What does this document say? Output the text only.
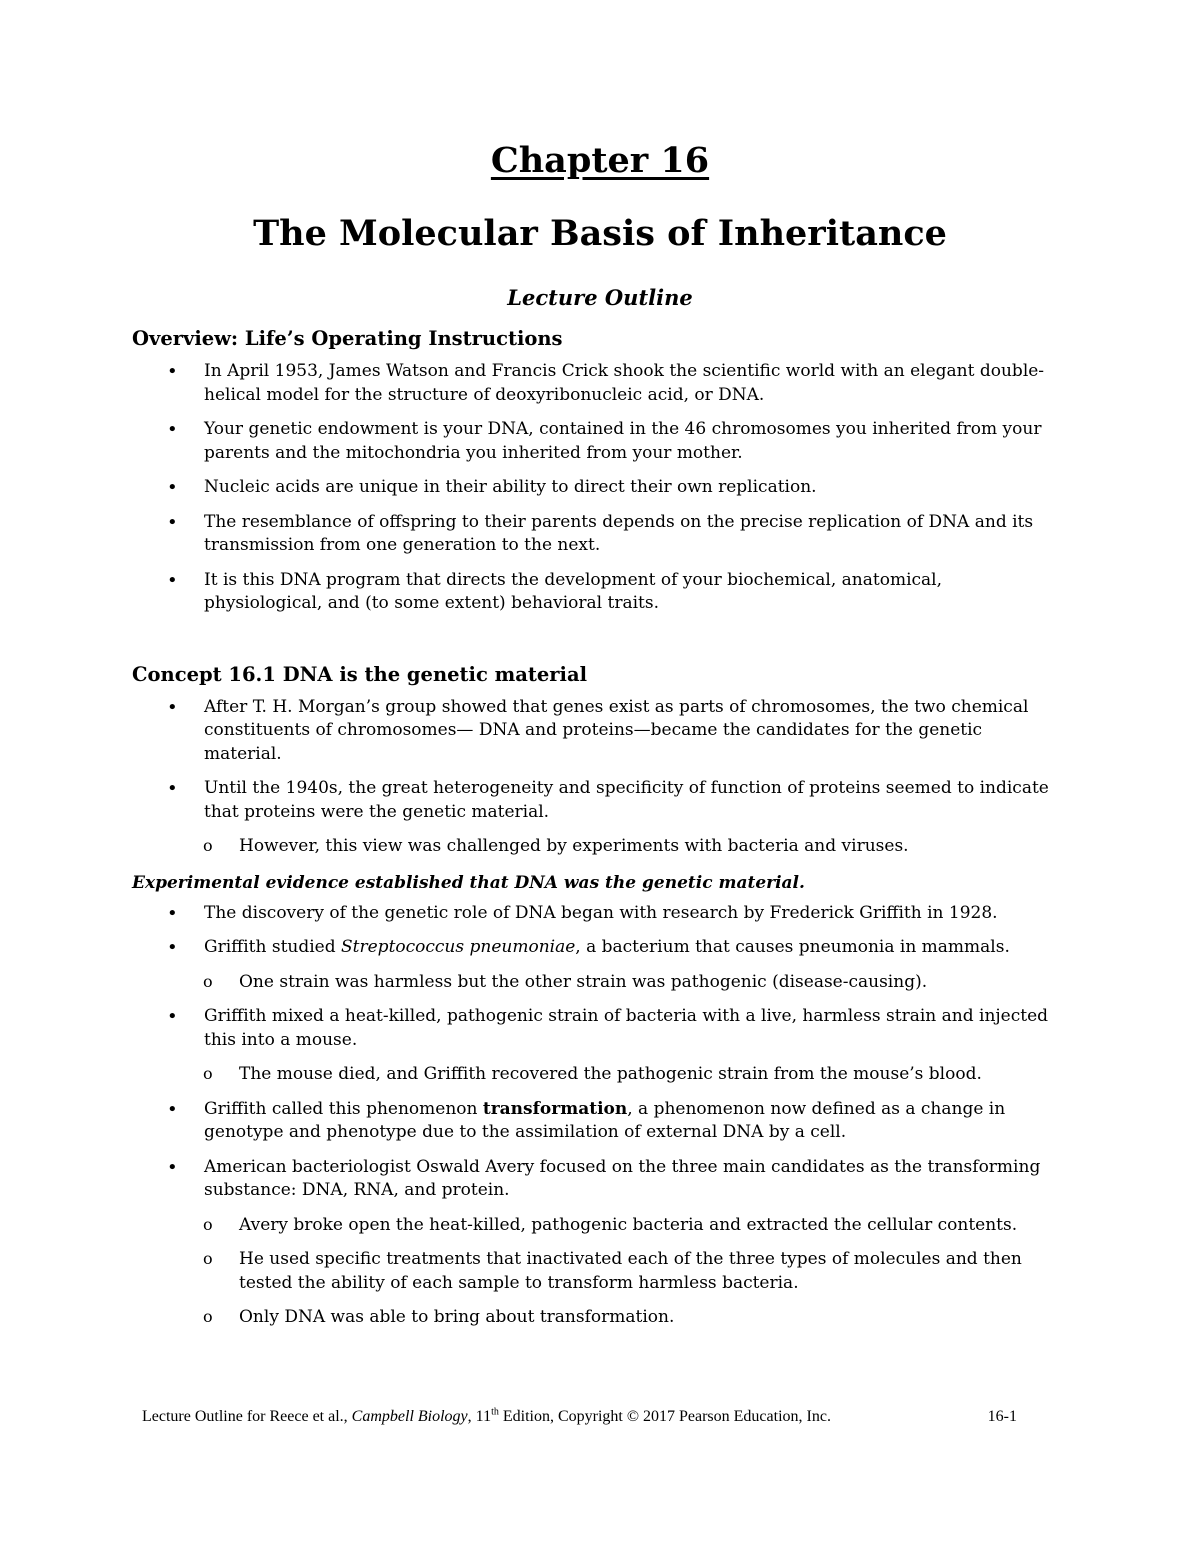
Chapter 16
The Molecular Basis of Inheritance
Lecture Outline
Overview: Life’s Operating Instructions
• In April 1953, James Watson and Francis Crick shook the scientific world with an elegant double-helical model for the structure of deoxyribonucleic acid, or DNA.
• Your genetic endowment is your DNA, contained in the 46 chromosomes you inherited from your parents and the mitochondria you inherited from your mother.
• Nucleic acids are unique in their ability to direct their own replication.
• The resemblance of offspring to their parents depends on the precise replication of DNA and its transmission from one generation to the next.
• It is this DNA program that directs the development of your biochemical, anatomical, physiological, and (to some extent) behavioral traits.
Concept 16.1 DNA is the genetic material
• After T. H. Morgan’s group showed that genes exist as parts of chromosomes, the two chemical constituents of chromosomes— DNA and proteins—became the candidates for the genetic material.
• Until the 1940s, the great heterogeneity and specificity of function of proteins seemed to indicate that proteins were the genetic material.
o However, this view was challenged by experiments with bacteria and viruses.
Experimental evidence established that DNA was the genetic material.
• The discovery of the genetic role of DNA began with research by Frederick Griffith in 1928.
• Griffith studied Streptococcus pneumoniae, a bacterium that causes pneumonia in mammals.
o One strain was harmless but the other strain was pathogenic (disease-causing).
• Griffith mixed a heat-killed, pathogenic strain of bacteria with a live, harmless strain and injected this into a mouse.
o The mouse died, and Griffith recovered the pathogenic strain from the mouse’s blood.
• Griffith called this phenomenon transformation, a phenomenon now defined as a change in genotype and phenotype due to the assimilation of external DNA by a cell.
• American bacteriologist Oswald Avery focused on the three main candidates as the transforming substance: DNA, RNA, and protein.
o Avery broke open the heat-killed, pathogenic bacteria and extracted the cellular contents.
o He used specific treatments that inactivated each of the three types of molecules and then tested the ability of each sample to transform harmless bacteria.
o Only DNA was able to bring about transformation.
Lecture Outline for Reece et al., Campbell Biology, 11th Edition, Copyright © 2017 Pearson Education, Inc.	16-1
